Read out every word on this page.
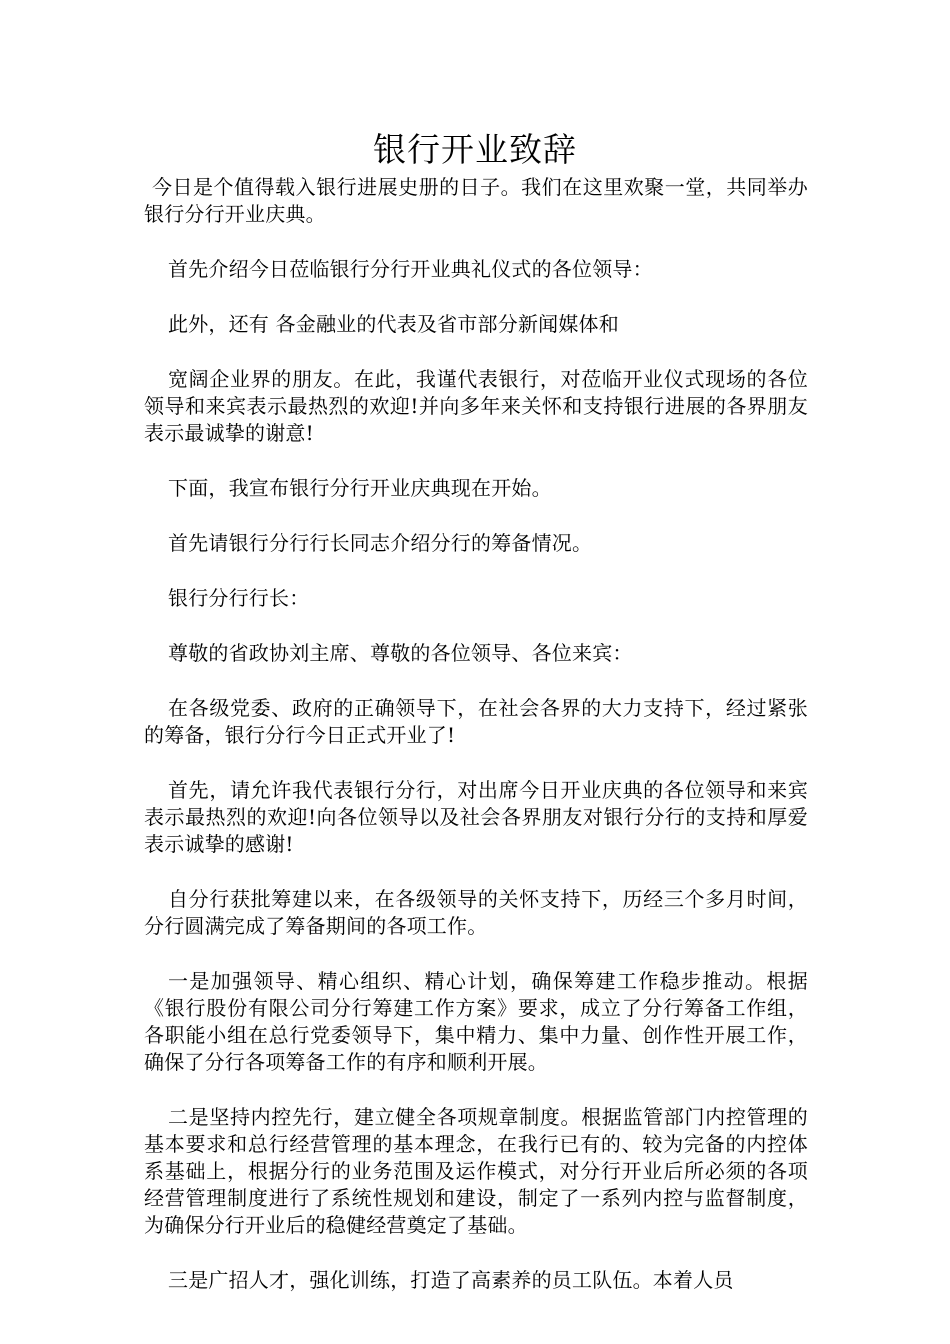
银行开业致辞

今日是个值得载入银行进展史册的日子。我们在这里欢聚一堂，共同举办银行分行开业庆典。

首先介绍今日莅临银行分行开业典礼仪式的各位领导：

此外，还有 各金融业的代表及省市部分新闻媒体和

宽阔企业界的朋友。在此，我谨代表银行，对莅临开业仪式现场的各位领导和来宾表示最热烈的欢迎!并向多年来关怀和支持银行进展的各界朋友表示最诚挚的谢意!

下面，我宣布银行分行开业庆典现在开始。

首先请银行分行行长同志介绍分行的筹备情况。

银行分行行长：

尊敬的省政协刘主席、尊敬的各位领导、各位来宾：

在各级党委、政府的正确领导下，在社会各界的大力支持下，经过紧张的筹备，银行分行今日正式开业了!

首先，请允许我代表银行分行，对出席今日开业庆典的各位领导和来宾表示最热烈的欢迎!向各位领导以及社会各界朋友对银行分行的支持和厚爱表示诚挚的感谢!

自分行获批筹建以来，在各级领导的关怀支持下，历经三个多月时间，分行圆满完成了筹备期间的各项工作。

一是加强领导、精心组织、精心计划，确保筹建工作稳步推动。根据《银行股份有限公司分行筹建工作方案》要求，成立了分行筹备工作组，各职能小组在总行党委领导下，集中精力、集中力量、创作性开展工作，确保了分行各项筹备工作的有序和顺利开展。

二是坚持内控先行，建立健全各项规章制度。根据监管部门内控管理的基本要求和总行经营管理的基本理念，在我行已有的、较为完备的内控体系基础上，根据分行的业务范围及运作模式，对分行开业后所必须的各项经营管理制度进行了系统性规划和建设，制定了一系列内控与监督制度，为确保分行开业后的稳健经营奠定了基础。

三是广招人才，强化训练，打造了高素养的员工队伍。本着人员
